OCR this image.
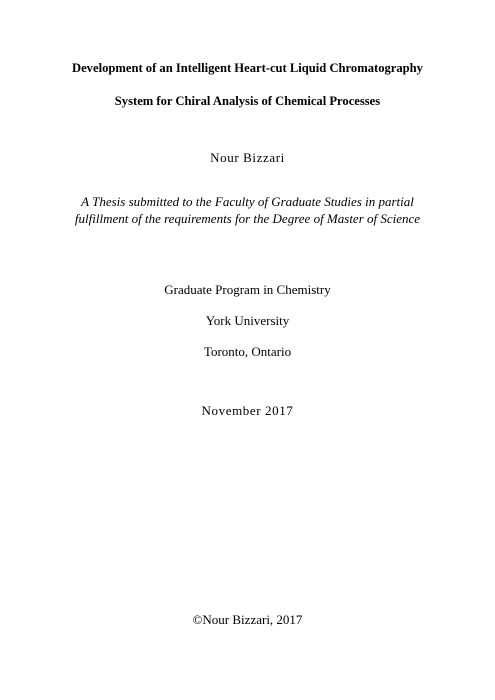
Development of an Intelligent Heart-cut Liquid Chromatography
System for Chiral Analysis of Chemical Processes
Nour Bizzari
A Thesis submitted to the Faculty of Graduate Studies in partial
fulfillment of the requirements for the Degree of Master of Science
Graduate Program in Chemistry
York University
Toronto, Ontario
November 2017
©Nour Bizzari, 2017
